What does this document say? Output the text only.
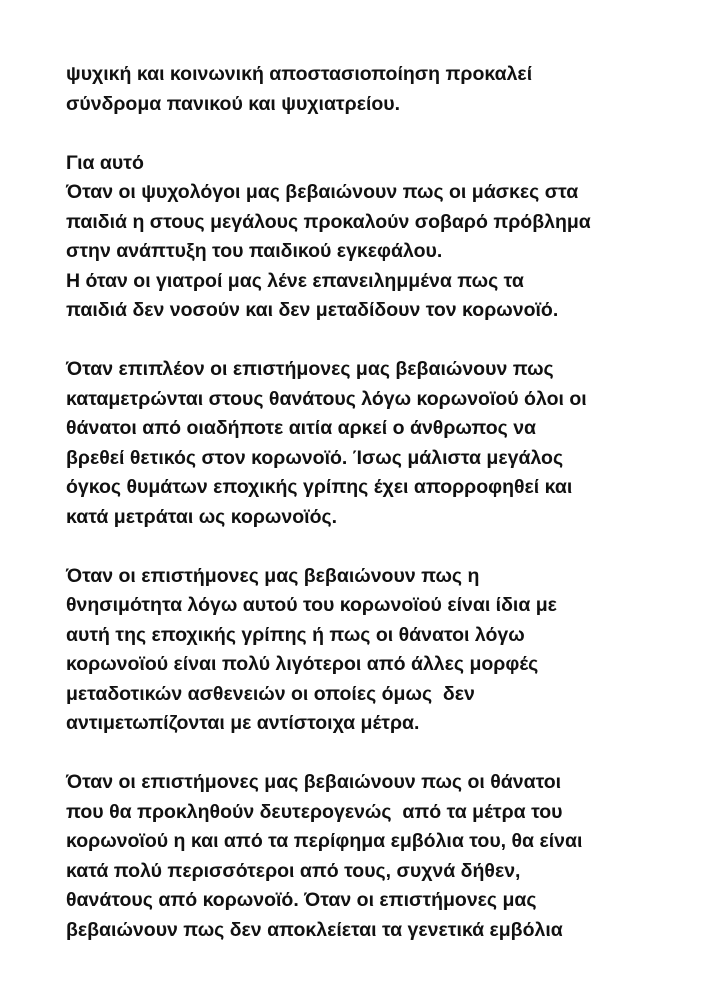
ψυχική και κοινωνική αποστασιοποίηση προκαλεί
σύνδρομα πανικού και ψυχιατρείου.

Για αυτό
Όταν οι ψυχολόγοι μας βεβαιώνουν πως οι μάσκες στα
παιδιά η στους μεγάλους προκαλούν σοβαρό πρόβλημα
στην ανάπτυξη του παιδικού εγκεφάλου.
Η όταν οι γιατροί μας λένε επανειλημμένα πως τα
παιδιά δεν νοσούν και δεν μεταδίδουν τον κορωνοϊό.

Όταν επιπλέον οι επιστήμονες μας βεβαιώνουν πως
καταμετρώνται στους θανάτους λόγω κορωνοϊού όλοι οι
θάνατοι από οιαδήποτε αιτία αρκεί ο άνθρωπος να
βρεθεί θετικός στον κορωνοϊό. Ίσως μάλιστα μεγάλος
όγκος θυμάτων εποχικής γρίπης έχει απορροφηθεί και
κατά μετράται ως κορωνοϊός.

Όταν οι επιστήμονες μας βεβαιώνουν πως η
θνησιμότητα λόγω αυτού του κορωνοϊού είναι ίδια με
αυτή της εποχικής γρίπης ή πως οι θάνατοι λόγω
κορωνοϊού είναι πολύ λιγότεροι από άλλες μορφές
μεταδοτικών ασθενειών οι οποίες όμως  δεν
αντιμετωπίζονται με αντίστοιχα μέτρα.

Όταν οι επιστήμονες μας βεβαιώνουν πως οι θάνατοι
που θα προκληθούν δευτερογενώς  από τα μέτρα του
κορωνοϊού η και από τα περίφημα εμβόλια του, θα είναι
κατά πολύ περισσότεροι από τους, συχνά δήθεν,
θανάτους από κορωνοϊό. Όταν οι επιστήμονες μας
βεβαιώνουν πως δεν αποκλείεται τα γενετικά εμβόλια
